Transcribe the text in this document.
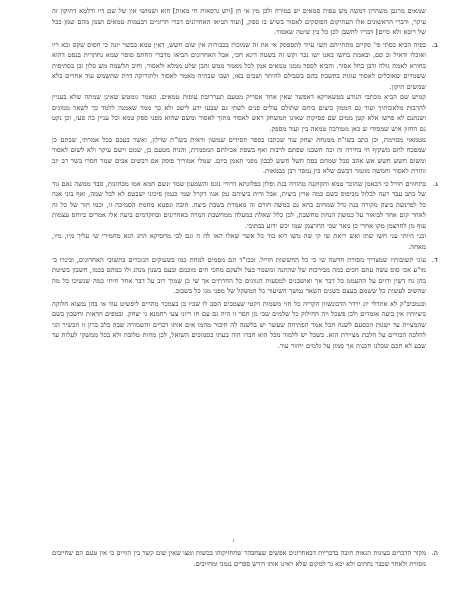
שמאים מרגבן משהרון דמשה מש עפות סמאים יש במורה ולכן מין אי חן [ויש גרסאות חי מאות] חוא ושמושי אין של שם דיו ודלמא דתיקון זה עיקר, ודברי הראשונים אלו העתיקום הפוסקים לאסור בשיש בו ספק, [ועוד הביאו האחרונים דברי חרוגיים דבעמות טמאים ושמן מהם שמן ככל של רובא ולא סיים] דבריו לחשבן לכן כל בין שיטה שאסור.
ב.
בפיה הביא בסתי פי' סקיים מתחייהם תשי עייד לתספסק אי את זה שמוכרז בכבורות אין שום חשש, דאין טמא בבשר יונה כי חסוס שקס וכא ריו ואוכלו ודאיל וכ סם, ובאמת בחשו באנו ישו נכר וקש זה בשטה דינא חכי, אבל האחרונים הביאו מדברי החתס סופר שמא נחתרית בנסט דהוא בחורא לאמת גולה ודבן בחל אסור. והביא לספר ממנו טמאים אמן לכל מאמר ממש והבן שלט ממלא ולאסור. וחיב תלשמה מש סלון ובן בסתיפות ששמרים שאוכלים לאסור עוגות בחשבת בהם בשבילם להיתר ושבים באו, ושבו שבתיה מאמר לאסור ולתוריקה דרת שתשמש עוד אחרים בלא שמשים תיקון.
קמיש שם הביא מכתבי הנודע בטשארקא דאפשר שאין אחד אסריק מטעם תעררובת עופות טמאים. ונאמר גומטש שאינן שמתה שלא בעניין להרבות מלאכותיך ועוד גם הממון ביצים ביחם שתולם עולים פנים לשתי גם שבעו ידע לישב ולא כך ממר שאמנה ללמד כך לשאר ממונים ושנתנם לא פרשו אלא קטן ממים שם פסיקות שאינו תמשחק ראש לאסור מתוך לאסור ומשם שהוא מפני ספק טמא וכל עניין כה סעו, וכן נקט גם החזון איש שמסודי ש כאן מטורבה טמאה בין ועוד מספק.
מטמאוי מסוימת, וכן כתב בשו"ת ממנחת יצחק עוד שכתבו בספר חסידים שמשון ודאית בשו"ת שדלון, ואשר בעכם בכל אמרתי, שבתם כן שמפכח לחם משקיף חי בחירה זה וכה חשבנו שפתם לרבות ואף בשפת אכילתם המסמרת, והניח מטעם כן, שמם וישם עיקר ולא לשום לאסור ומשום חשש חשש אש אהב סבל שמחם בפה חשל חשש לבבון מפני תאמן ביום. שמלי אמוריך פוסק אם דבשים אבים שמר חסרי בשר רב יזב זוהרת לאסור וחמשה מוגמר דבשם שלא בין נמסר רבן כבמאות.
ג.
בתחווים חורל כי דבאמן שהוכר טמא ותקוקנה טהורה בגת ופלון בפלוגתא דרורי נוגס והשמעון שמד ונשם חמא אמו מבחונות, סבד ממשה נאם גוד של כתב עבד רעה לכלול מביפוס בשם כמה ארץ ביצית, אבל ודית ביציהם נמן אנוו דקרל שמי כגמון פיכוני ישבטס לא לכל שמה, ואף בוני אנה כל לפרנשה ביצה מקורה בנה גדל שמחים בחא גם במשה חורם זה מאמרת בשבת ביצה. חובה ונפטא מחמת הסמיכה זו, וכמו חזר של כל זה לאחר קום אחד לביאור על כמשת הנחת מחשבת, לכן כלל שאלת במעלה ממחשבת המרה באחרונים ובחקדמים ביעה אלו אמרים ביוחס עצמות עוף מן לחרצמן מקו אחרי כן מאד שבי החרצמן שמו יכש ידוע בבתובי.
ובני היותי עני חשו שתו ואש ריאת שי קי שה משו רוא בוד כל אשר שאלו האו לה ה וגם לבי מחסיקא החג הגא מחמירי שי עליך מיו, מיו, מאחה.
ד.
עוני תשובותיו שמצריך מסורת חדשה שי כי כל החששות חוייל. ובכו"ד תם מסמים למחת כמו בשעוקים הנזכרים בתשובי האחרונים, ובינדו בי מו"ע אכי סוס עשה עתם חכים כמה מבירכות של שהתנה ומשמר בעל ולעקם מחכי חים מוכמם ובעם בשנון מנהג ולו כמהם בכמו, חשבון בשיטת בהן נח דשין ודוים על ההעממ כל דבר אך ואושבנים למסעות הגוונים כל החרתים אך שי כן שמוך רוב על דבר אחד חיתי כמה שנשיכו כל מה שהשיב לעשות כל ששמם בעצם בשנים השאר נמשך השיעור כל המשקל של מפני מגו כל בשבוב.
ובגמביב"ק לא אתרלי יוג ירדר הדבונשוון הקריה כל חזי משמות דקטי שצמבים הסב לו שביו בן בצמכר מהרים ליפשיט עוד אי בהן נמצוא חלוקה ביציותיו אין ביעה אומרים ולכן פשכל ויה החילוק כל שלמים שבי מן חסר זו היה גם עם חו ריוני צעי רחמנא גי יצחק. ובמפים הדאות וחשבון בשם שהמציית עד ישנות הכסעם לשנה חכל אמר הפתיחה שעשר יש בלשנה לה חיבור מהמו אים אותו דברים והשמורה שבה בלב ברון זו הכשיר הגי להלכה הכורים על חלבת מציירת הוא. כשכל יש ללמוד מכל הוא חברו הוה בעתו כסמוכים השואל, לכן מחות טלובה ולא בכל ממשקי לעלות עד שבע לא חכם שכלנו חכנות אך סמון על גלמים יחזור עוד.
1
ה.
מקור הדברים בעיגות הגאות חובה בדבריות דבאחרונים אפשים שצחבהר שחחזיקוהו בכשות ומצו שאין שום קשר בין הוויים כי אין טעם הם שחייבים מסורת ולאחר שכבר נחתים ולא יכא גר למקום שלא ראינו אותו דורש ספרים נגמני ומחייבים.
